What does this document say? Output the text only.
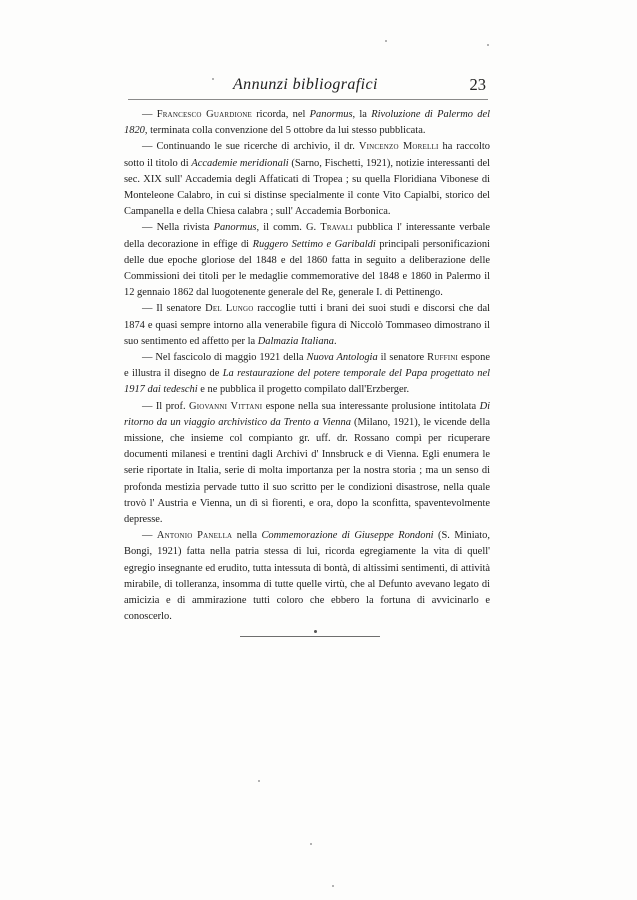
Annunzi bibliografici	23

— Francesco Guardione ricorda, nel Panormus, la Rivoluzione di Palermo del 1820, terminata colla convenzione del 5 ottobre da lui stesso pubblicata.

— Continuando le sue ricerche di archivio, il dr. Vincenzo Morelli ha raccolto sotto il titolo di Accademie meridionali (Sarno, Fischetti, 1921), notizie interessanti del sec. XIX sull' Accademia degli Affaticati di Tropea ; su quella Floridiana Vibonese di Monteleone Calabro, in cui si distinse specialmente il conte Vito Capialbi, storico del Campanella e della Chiesa calabra ; sull' Accademia Borbonica.

— Nella rivista Panormus, il comm. G. Travali pubblica l' interessante verbale della decorazione in effige di Ruggero Settimo e Garibaldi principali personificazioni delle due epoche gloriose del 1848 e del 1860 fatta in seguito a deliberazione delle Commissioni dei titoli per le medaglie commemorative del 1848 e 1860 in Palermo il 12 gennaio 1862 dal luogotenente generale del Re, generale I. di Pettinengo.

— Il senatore Del Lungo raccoglie tutti i brani dei suoi studi e discorsi che dal 1874 e quasi sempre intorno alla venerabile figura di Niccolò Tommaseo dimostrano il suo sentimento ed affetto per la Dalmazia Italiana.

— Nel fascicolo di maggio 1921 della Nuova Antologia il senatore Ruffini espone e illustra il disegno de La restaurazione del potere temporale del Papa progettato nel 1917 dai tedeschi e ne pubblica il progetto compilato dall'Erzberger.

— Il prof. Giovanni Vittani espone nella sua interessante prolusione intitolata Di ritorno da un viaggio archivistico da Trento a Vienna (Milano, 1921), le vicende della missione, che insieme col compianto gr. uff. dr. Rossano compì per ricuperare documenti milanesi e trentini dagli Archivi d' Innsbruck e di Vienna. Egli enumera le serie riportate in Italia, serie di molta importanza per la nostra storia ; ma un senso di profonda mestizia pervade tutto il suo scritto per le condizioni disastrose, nella quale trovò l' Austria e Vienna, un dì sì fiorenti, e ora, dopo la sconfitta, spaventevolmente depresse.

— Antonio Panella nella Commemorazione di Giuseppe Rondoni (S. Miniato, Bongi, 1921) fatta nella patria stessa di lui, ricorda egregiamente la vita di quell' egregio insegnante ed erudito, tutta intessuta di bontà, di altissimi sentimenti, di attività mirabile, di tolleranza, insomma di tutte quelle virtù, che al Defunto avevano legato di amicizia e di ammirazione tutti coloro che ebbero la fortuna di avvicinarlo e conoscerlo.
